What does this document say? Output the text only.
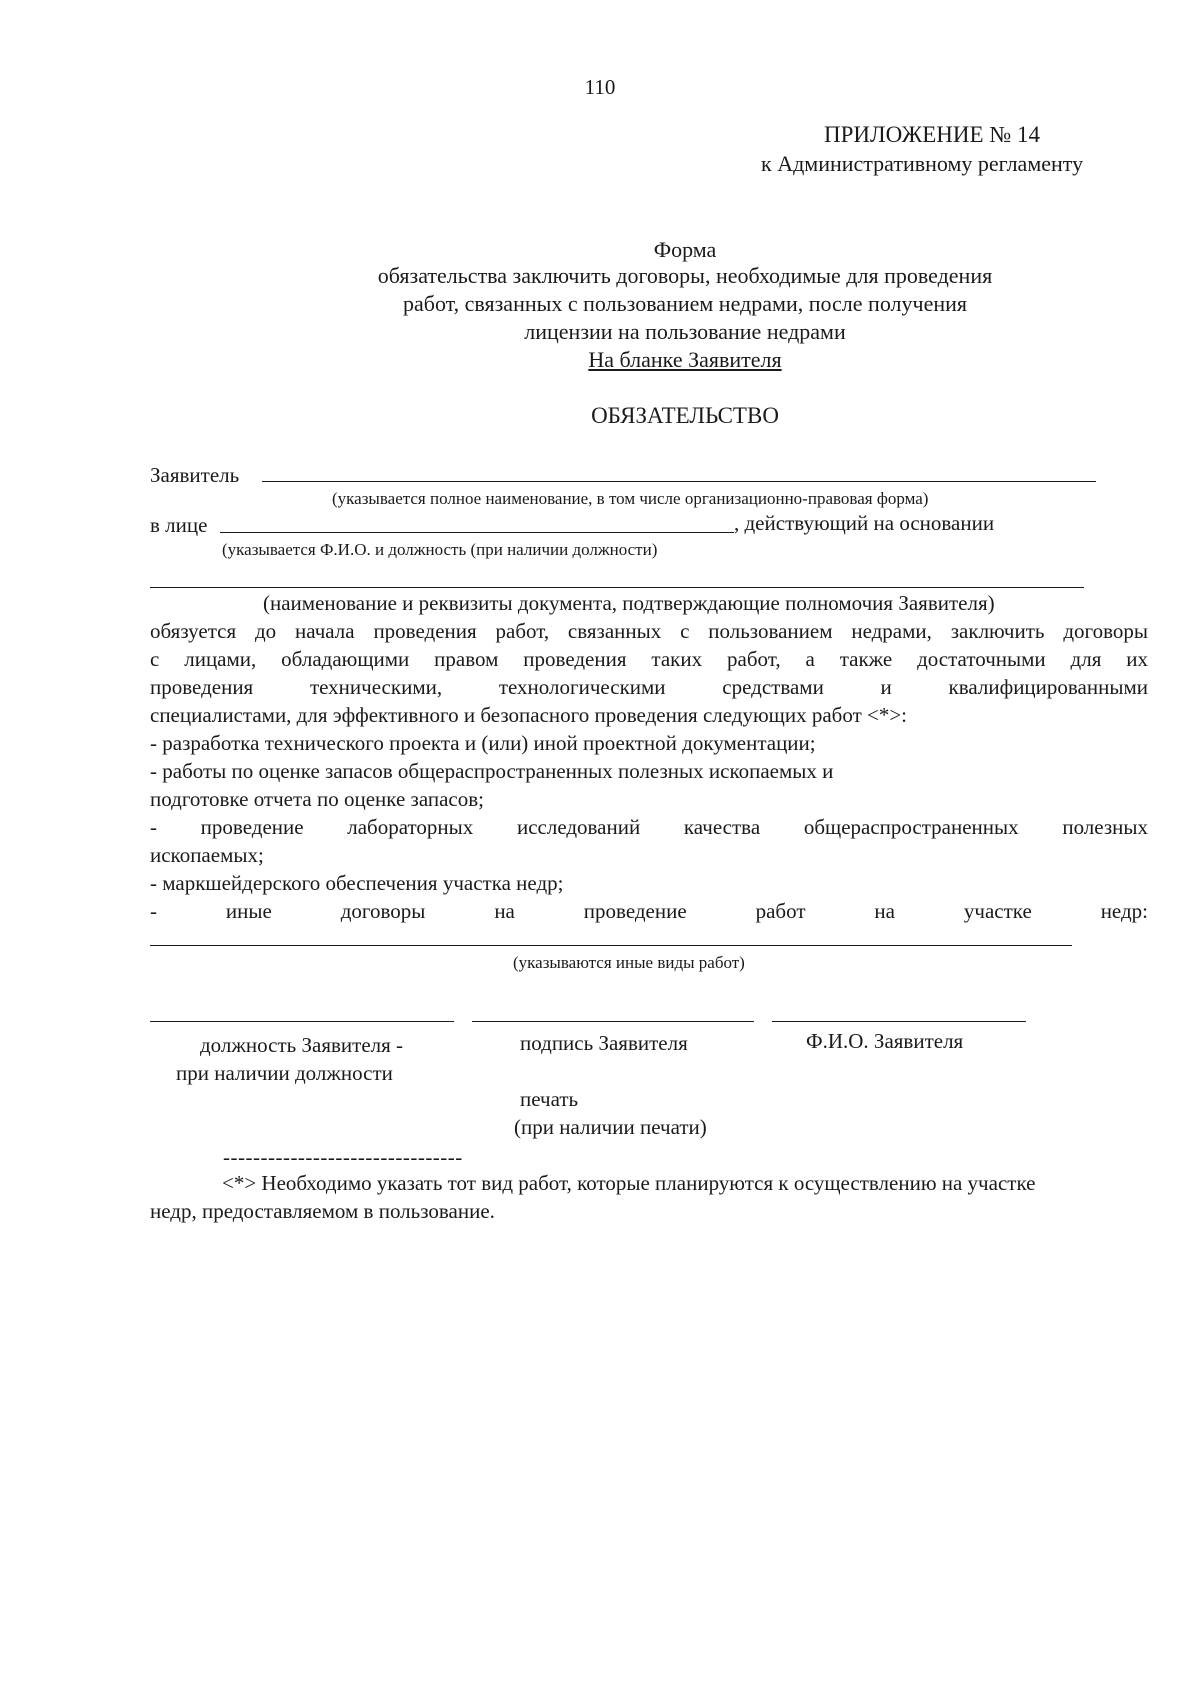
110
ПРИЛОЖЕНИЕ № 14
к Административному регламенту
Форма
обязательства заключить договоры, необходимые для проведения
работ, связанных с пользованием недрами, после получения
лицензии на пользование недрами
На бланке Заявителя
ОБЯЗАТЕЛЬСТВО
Заявитель
(указывается полное наименование, в том числе организационно-правовая форма)
в лице	, действующий на основании
(указывается Ф.И.О. и должность (при наличии должности)
(наименование и реквизиты документа, подтверждающие полномочия Заявителя)
обязуется до начала проведения работ, связанных с пользованием недрами, заключить договоры
с лицами, обладающими правом проведения таких работ, а также достаточными для их
проведения техническими, технологическими средствами и квалифицированными
специалистами, для эффективного и безопасного проведения следующих работ <*>:
- разработка технического проекта и (или) иной проектной документации;
- работы по оценке запасов общераспространенных полезных ископаемых и
подготовке отчета по оценке запасов;
- проведение лабораторных исследований качества общераспространенных полезных
ископаемых;
- маркшейдерского обеспечения участка недр;
- иные договоры на проведение работ на участке недр:
(указываются иные виды работ)
должность Заявителя -
при наличии должности
подпись Заявителя	Ф.И.О. Заявителя
печать
(при наличии печати)
--------------------------------
<*> Необходимо указать тот вид работ, которые планируются к осуществлению на участке
недр, предоставляемом в пользование.
